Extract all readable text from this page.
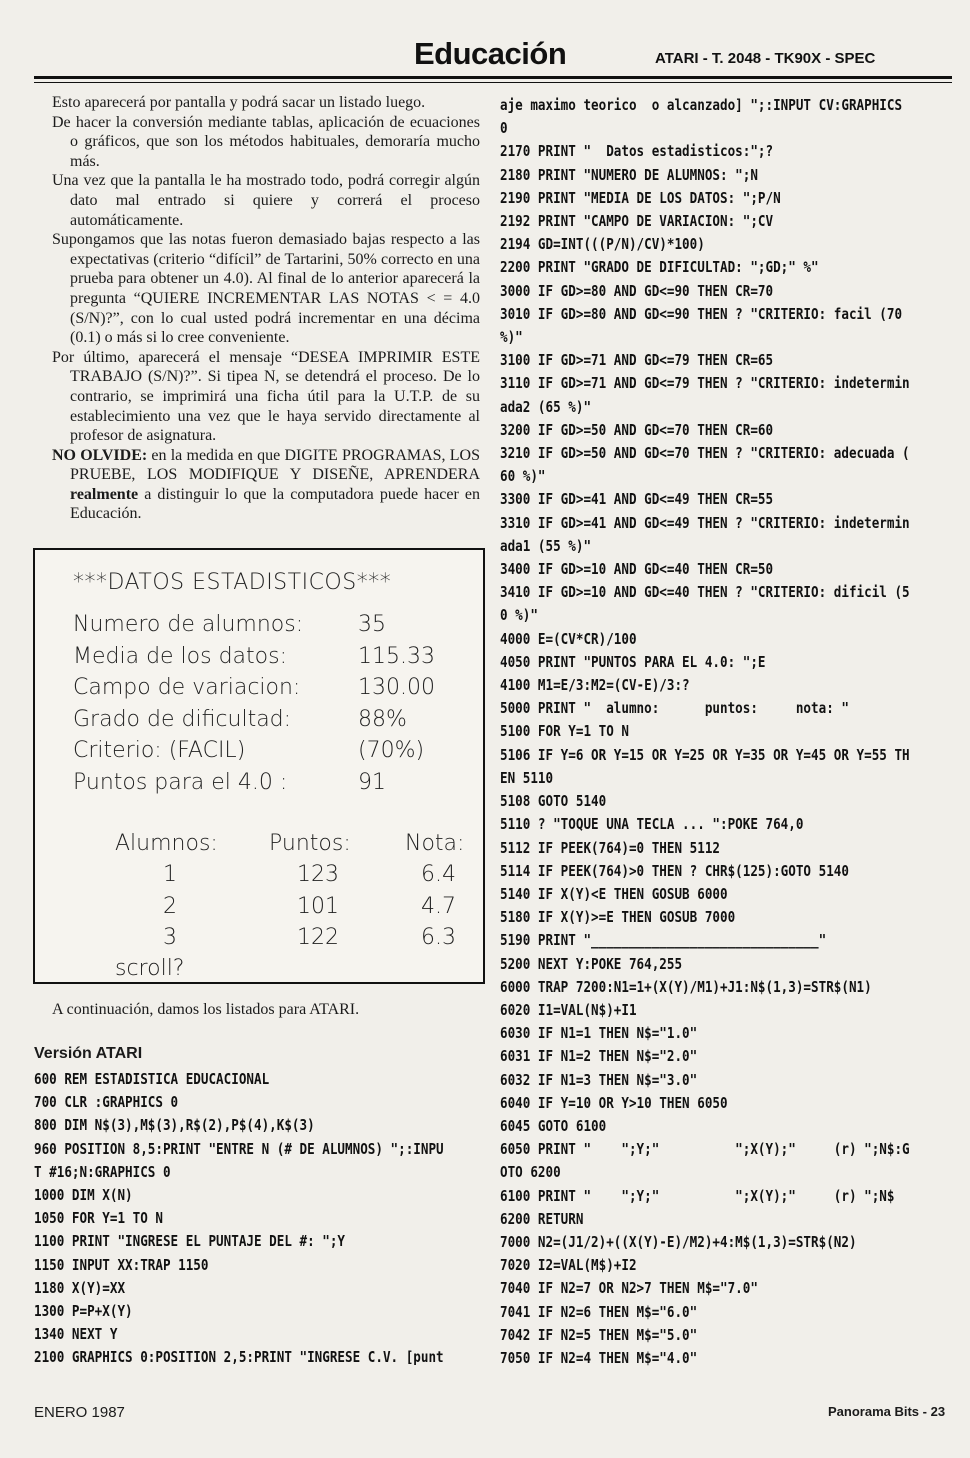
Educación	ATARI - T. 2048 - TK90X - SPEC

Esto aparecerá por pantalla y podrá sacar un listado luego.

De hacer la conversión mediante tablas, aplicación de ecuaciones o gráficos, que son los métodos habituales, demoraría mucho más.

Una vez que la pantalla le ha mostrado todo, podrá corregir algún dato mal entrado si quiere y correrá el proceso automáticamente.

Supongamos que las notas fueron demasiado bajas respecto a las expectativas (criterio “difícil” de Tartarini, 50% correcto en una prueba para obtener un 4.0). Al final de lo anterior aparecerá la pregunta “QUIERE INCREMENTAR LAS NOTAS < = 4.0 (S/N)?”, con lo cual usted podrá incrementar en una décima (0.1) o más si lo cree conveniente.

Por último, aparecerá el mensaje “DESEA IMPRIMIR ESTE TRABAJO (S/N)?”. Si tipea N, se detendrá el proceso. De lo contrario, se imprimirá una ficha útil para la U.T.P. de su establecimiento una vez que le haya servido directamente al profesor de asignatura.

NO OLVIDE: en la medida en que DIGITE PROGRAMAS, LOS PRUEBE, LOS MODIFIQUE Y DISEÑE, APRENDERA realmente a distinguir lo que la computadora puede hacer en Educación.

***DATOS ESTADISTICOS***
Numero de alumnos: 35
Media de los datos:	115.33
Campo de variacion:	130.00
Grado de dificultad:	88%
Criterio: (FACIL)	(70%)
Puntos para el 4.0 :	91
Alumnos: Puntos: Nota:
1	123	6.4
2	101	4.7
3	122	6.3
scroll?
A continuación, damos los listados para ATARI.
Versión ATARI
600 REM ESTADISTICA EDUCACIONAL
700 CLR :GRAPHICS 0
800 DIM N$(3),M$(3),R$(2),P$(4),K$(3)
960 POSITION 8,5:PRINT "ENTRE N (# DE ALUMNOS) ";:INPU
T #16;N:GRAPHICS 0
1000 DIM X(N)
1050 FOR Y=1 TO N
1100 PRINT "INGRESE EL PUNTAJE DEL #: ";Y
1150 INPUT XX:TRAP 1150
1180 X(Y)=XX
1300 P=P+X(Y)
1340 NEXT Y
2100 GRAPHICS 0:POSITION 2,5:PRINT "INGRESE C.V. [punt
aje maximo teorico  o alcanzado] ";:INPUT CV:GRAPHICS
0
2170 PRINT "  Datos estadisticos:";?
2180 PRINT "NUMERO DE ALUMNOS: ";N
2190 PRINT "MEDIA DE LOS DATOS: ";P/N
2192 PRINT "CAMPO DE VARIACION: ";CV
2194 GD=INT(((P/N)/CV)*100)
2200 PRINT "GRADO DE DIFICULTAD: ";GD;" %"
3000 IF GD>=80 AND GD<=90 THEN CR=70
3010 IF GD>=80 AND GD<=90 THEN ? "CRITERIO: facil (70
%)"
3100 IF GD>=71 AND GD<=79 THEN CR=65
3110 IF GD>=71 AND GD<=79 THEN ? "CRITERIO: indetermin
ada2 (65 %)"
3200 IF GD>=50 AND GD<=70 THEN CR=60
3210 IF GD>=50 AND GD<=70 THEN ? "CRITERIO: adecuada (
60 %)"
3300 IF GD>=41 AND GD<=49 THEN CR=55
3310 IF GD>=41 AND GD<=49 THEN ? "CRITERIO: indetermin
ada1 (55 %)"
3400 IF GD>=10 AND GD<=40 THEN CR=50
3410 IF GD>=10 AND GD<=40 THEN ? "CRITERIO: dificil (5
0 %)"
4000 E=(CV*CR)/100
4050 PRINT "PUNTOS PARA EL 4.0: ";E
4100 M1=E/3:M2=(CV-E)/3:?
5000 PRINT "  alumno:      puntos:     nota: "
5100 FOR Y=1 TO N
5106 IF Y=6 OR Y=15 OR Y=25 OR Y=35 OR Y=45 OR Y=55 TH
EN 5110
5108 GOTO 5140
5110 ? "TOQUE UNA TECLA ... ":POKE 764,0
5112 IF PEEK(764)=0 THEN 5112
5114 IF PEEK(764)>0 THEN ? CHR$(125):GOTO 5140
5140 IF X(Y)<E THEN GOSUB 6000
5180 IF X(Y)>=E THEN GOSUB 7000
5190 PRINT "______________________________"
5200 NEXT Y:POKE 764,255
6000 TRAP 7200:N1=1+(X(Y)/M1)+J1:N$(1,3)=STR$(N1)
6020 I1=VAL(N$)+I1
6030 IF N1=1 THEN N$="1.0"
6031 IF N1=2 THEN N$="2.0"
6032 IF N1=3 THEN N$="3.0"
6040 IF Y=10 OR Y>10 THEN 6050
6045 GOTO 6100
6050 PRINT "    ";Y;"          ";X(Y);"     (r) ";N$:G
OTO 6200
6100 PRINT "    ";Y;"          ";X(Y);"     (r) ";N$
6200 RETURN
7000 N2=(J1/2)+((X(Y)-E)/M2)+4:M$(1,3)=STR$(N2)
7020 I2=VAL(M$)+I2
7040 IF N2=7 OR N2>7 THEN M$="7.0"
7041 IF N2=6 THEN M$="6.0"
7042 IF N2=5 THEN M$="5.0"
7050 IF N2=4 THEN M$="4.0"
ENERO 1987	Panorama Bits - 23
